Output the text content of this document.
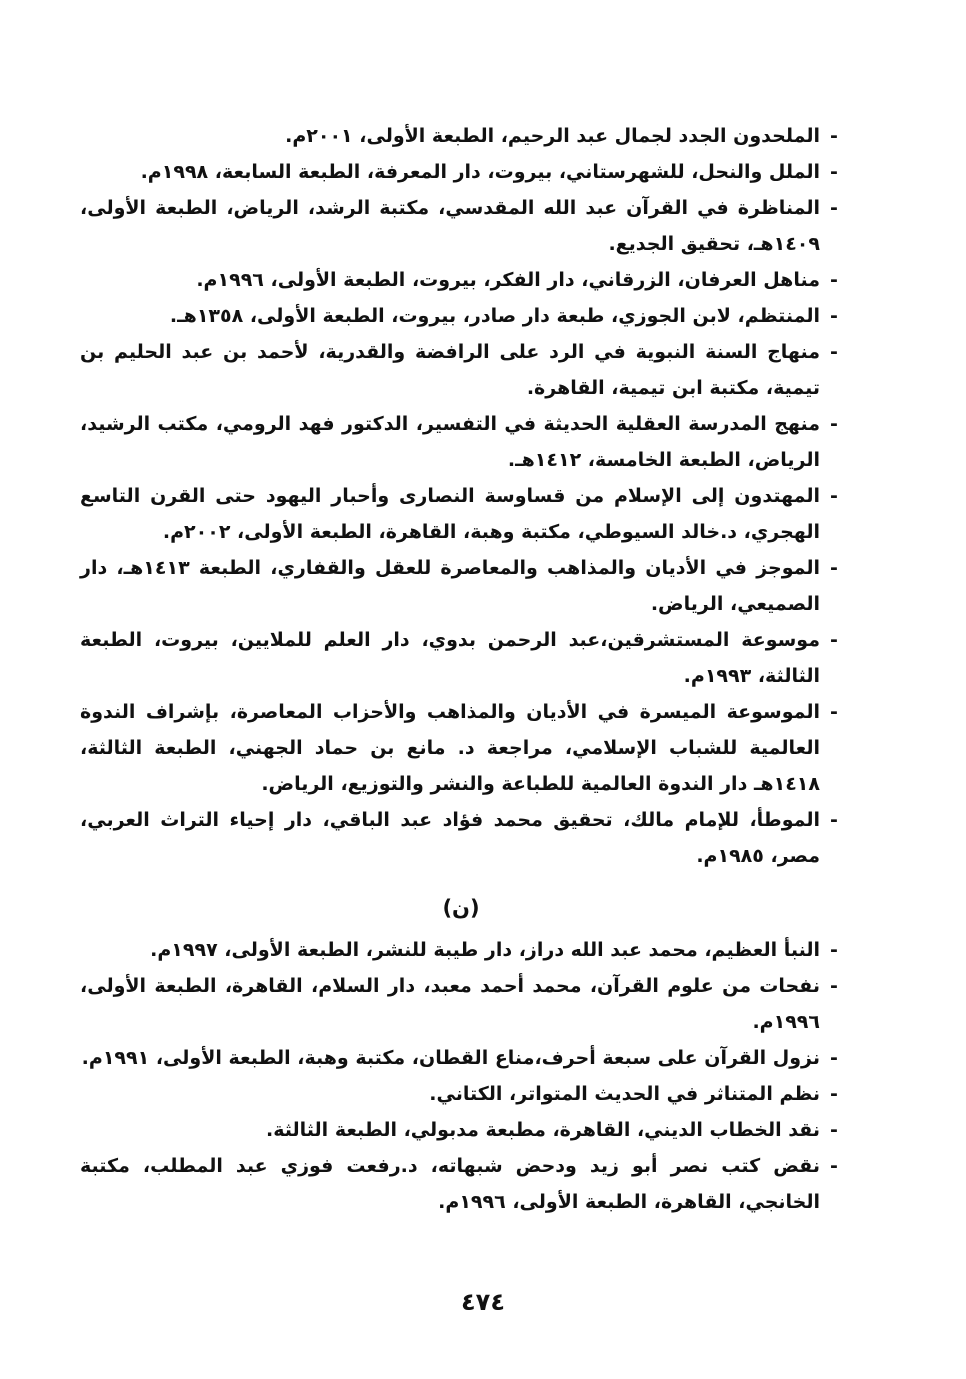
-
الملحدون الجدد لجمال عبد الرحيم، الطبعة الأولى، ٢٠٠١م.
-
الملل والنحل، للشهرستاني، بيروت، دار المعرفة، الطبعة السابعة، ١٩٩٨م.
-
المناظرة في القرآن عبد الله المقدسي، مكتبة الرشد، الرياض، الطبعة الأولى، ١٤٠٩هـ، تحقيق الجديع.
-
مناهل العرفان، الزرقاني، دار الفكر، بيروت، الطبعة الأولى، ١٩٩٦م.
-
المنتظم، لابن الجوزي، طبعة دار صادر، بيروت، الطبعة الأولى، ١٣٥٨هـ.
-
منهاج السنة النبوية في الرد على الرافضة والقدرية، لأحمد بن عبد الحليم بن تيمية، مكتبة ابن تيمية، القاهرة.
-
منهج المدرسة العقلية الحديثة في التفسير، الدكتور فهد الرومي، مكتب الرشيد، الرياض، الطبعة الخامسة، ١٤١٢هـ.
-
المهتدون إلى الإسلام من قساوسة النصارى وأحبار اليهود حتى القرن التاسع الهجري، د.خالد السيوطي، مكتبة وهبة، القاهرة، الطبعة الأولى، ٢٠٠٢م.
-
الموجز في الأديان والمذاهب والمعاصرة للعقل والقفاري، الطبعة ١٤١٣هـ، دار الصميعي، الرياض.
-
موسوعة المستشرقين،عبد الرحمن بدوي، دار العلم للملايين، بيروت، الطبعة الثالثة، ١٩٩٣م.
-
الموسوعة الميسرة في الأديان والمذاهب والأحزاب المعاصرة، بإشراف الندوة العالمية للشباب الإسلامي، مراجعة د. مانع بن حماد الجهني، الطبعة الثالثة، ١٤١٨هـ دار الندوة العالمية للطباعة والنشر والتوزيع، الرياض.
-
الموطأ، للإمام مالك، تحقيق محمد فؤاد عبد الباقي، دار إحياء التراث العربي، مصر، ١٩٨٥م.
(ن)
-
النبأ العظيم، محمد عبد الله دراز، دار طيبة للنشر، الطبعة الأولى، ١٩٩٧م.
-
نفحات من علوم القرآن، محمد أحمد معبد، دار السلام، القاهرة، الطبعة الأولى، ١٩٩٦م.
-
نزول القرآن على سبعة أحرف،مناع القطان، مكتبة وهبة، الطبعة الأولى، ١٩٩١م.
-
نظم المتناثر في الحديث المتواتر، الكتاني.
-
نقد الخطاب الديني، القاهرة، مطبعة مدبولي، الطبعة الثالثة.
-
نقض كتب نصر أبو زيد ودحض شبهاته، د.رفعت فوزي عبد المطلب، مكتبة الخانجي، القاهرة، الطبعة الأولى، ١٩٩٦م.
٤٧٤
